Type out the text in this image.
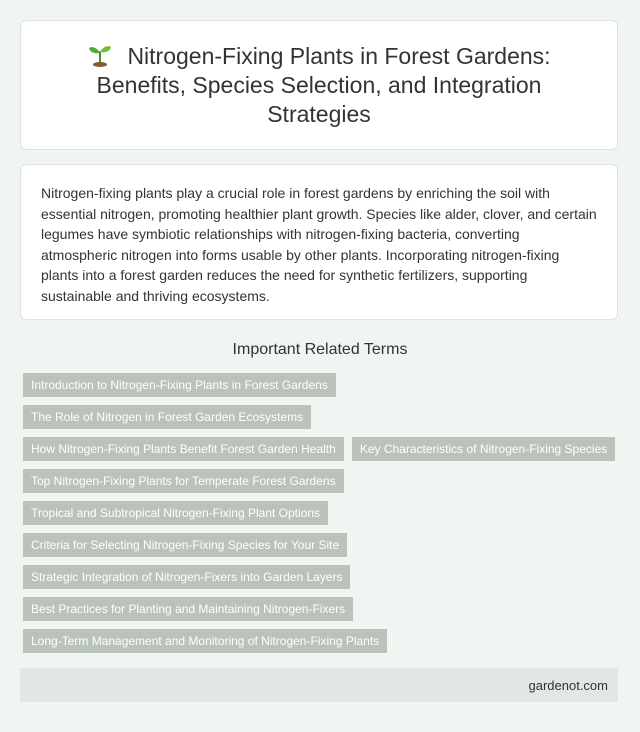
Nitrogen-Fixing Plants in Forest Gardens: Benefits, Species Selection, and Integration Strategies

Nitrogen-fixing plants play a crucial role in forest gardens by enriching the soil with essential nitrogen, promoting healthier plant growth. Species like alder, clover, and certain legumes have symbiotic relationships with nitrogen-fixing bacteria, converting atmospheric nitrogen into forms usable by other plants. Incorporating nitrogen-fixing plants into a forest garden reduces the need for synthetic fertilizers, supporting sustainable and thriving ecosystems.

Important Related Terms
Introduction to Nitrogen-Fixing Plants in Forest Gardens
The Role of Nitrogen in Forest Garden Ecosystems
How Nitrogen-Fixing Plants Benefit Forest Garden Health	Key Characteristics of Nitrogen-Fixing Species
Top Nitrogen-Fixing Plants for Temperate Forest Gardens
Tropical and Subtropical Nitrogen-Fixing Plant Options
Criteria for Selecting Nitrogen-Fixing Species for Your Site
Strategic Integration of Nitrogen-Fixers into Garden Layers
Best Practices for Planting and Maintaining Nitrogen-Fixers
Long-Term Management and Monitoring of Nitrogen-Fixing Plants
gardenot.com
